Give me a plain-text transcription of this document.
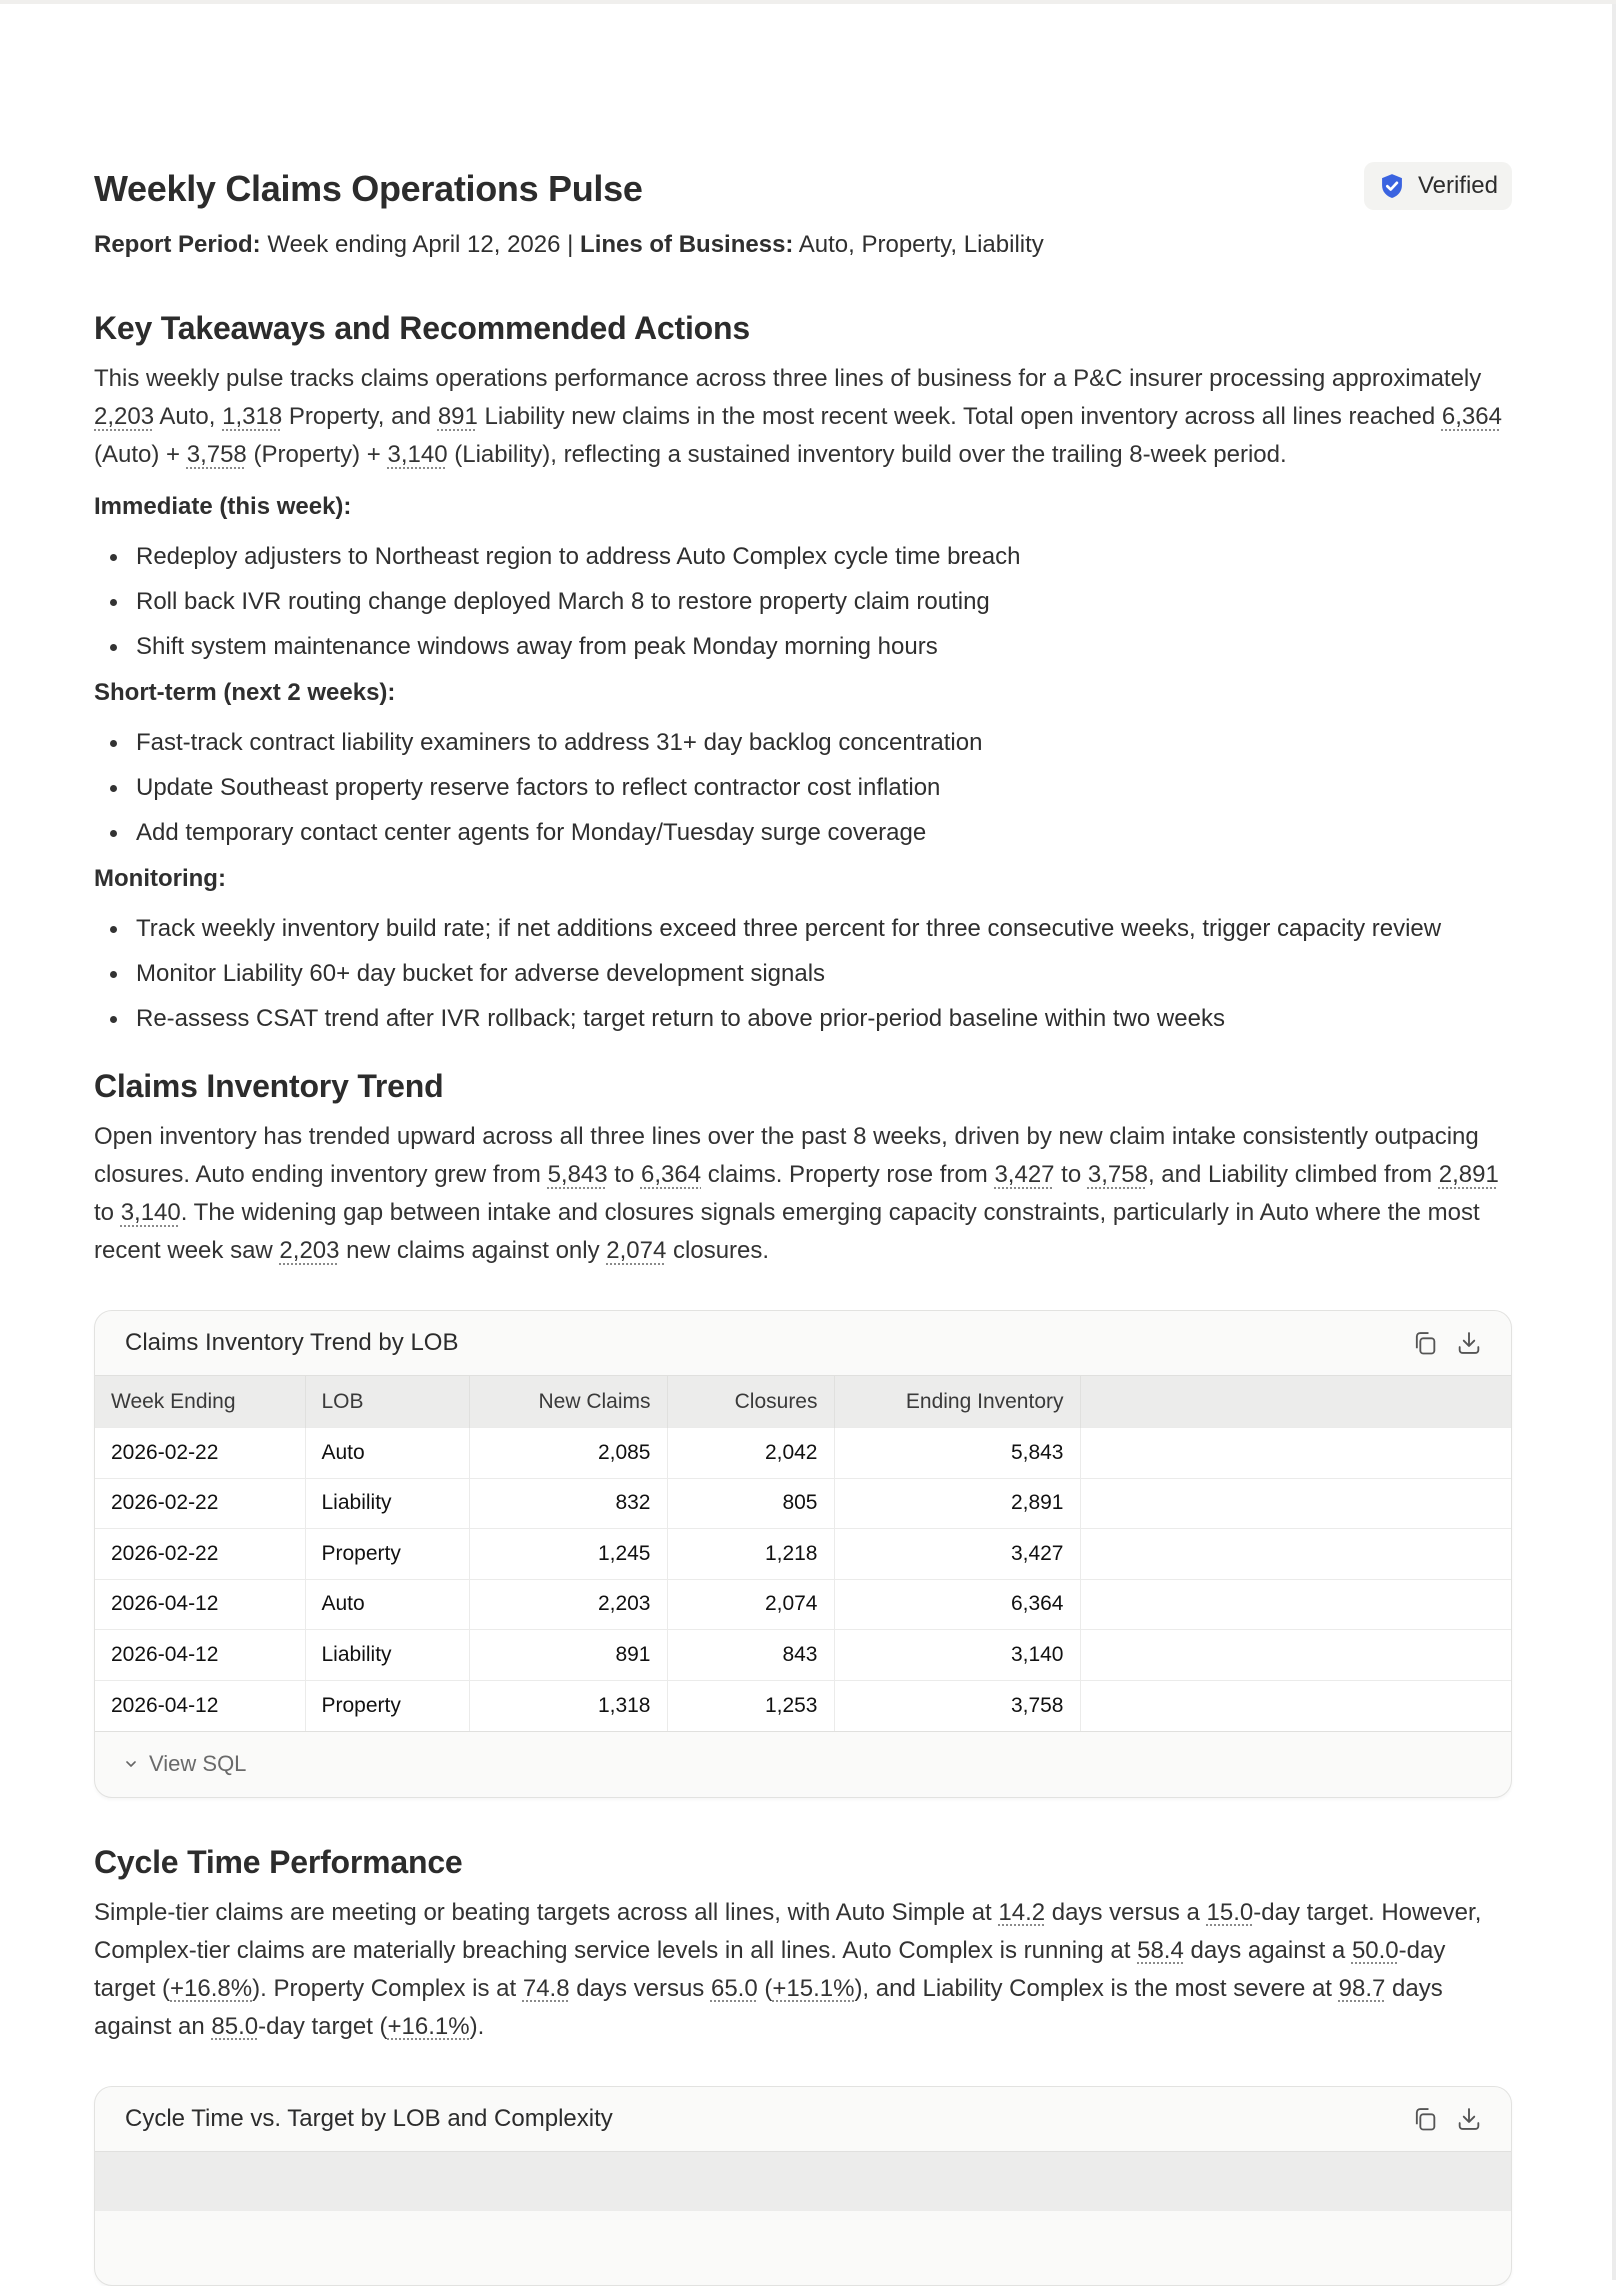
Weekly Claims Operations Pulse	Verified
Report Period: Week ending April 12, 2026 | Lines of Business: Auto, Property, Liability
Key Takeaways and Recommended Actions

This weekly pulse tracks claims operations performance across three lines of business for a P&C insurer processing approximately 2,203 Auto, 1,318 Property, and 891 Liability new claims in the most recent week. Total open inventory across all lines reached 6,364 (Auto) + 3,758 (Property) + 3,140 (Liability), reflecting a sustained inventory build over the trailing 8-week period.

Immediate (this week):

Redeploy adjusters to Northeast region to address Auto Complex cycle time breach
Roll back IVR routing change deployed March 8 to restore property claim routing
Shift system maintenance windows away from peak Monday morning hours

Short-term (next 2 weeks):

Fast-track contract liability examiners to address 31+ day backlog concentration
Update Southeast property reserve factors to reflect contractor cost inflation
Add temporary contact center agents for Monday/Tuesday surge coverage

Monitoring:

Track weekly inventory build rate; if net additions exceed three percent for three consecutive weeks, trigger capacity review
Monitor Liability 60+ day bucket for adverse development signals
Re-assess CSAT trend after IVR rollback; target return to above prior-period baseline within two weeks
Claims Inventory Trend

Open inventory has trended upward across all three lines over the past 8 weeks, driven by new claim intake consistently outpacing closures. Auto ending inventory grew from 5,843 to 6,364 claims. Property rose from 3,427 to 3,758, and Liability climbed from 2,891 to 3,140. The widening gap between intake and closures signals emerging capacity constraints, particularly in Auto where the most recent week saw 2,203 new claims against only 2,074 closures.

Claims Inventory Trend by LOB
Week Ending	LOB	New Claims	Closures	Ending Inventory	
2026-02-22	Auto	2,085	2,042	5,843	
2026-02-22	Liability	832	805	2,891	
2026-02-22	Property	1,245	1,218	3,427	
2026-04-12	Auto	2,203	2,074	6,364	
2026-04-12	Liability	891	843	3,140	
2026-04-12	Property	1,318	1,253	3,758	
View SQL
Cycle Time Performance

Simple-tier claims are meeting or beating targets across all lines, with Auto Simple at 14.2 days versus a 15.0-day target. However, Complex-tier claims are materially breaching service levels in all lines. Auto Complex is running at 58.4 days against a 50.0-day target (+16.8%). Property Complex is at 74.8 days versus 65.0 (+15.1%), and Liability Complex is the most severe at 98.7 days against an 85.0-day target (+16.1%).

Cycle Time vs. Target by LOB and Complexity
